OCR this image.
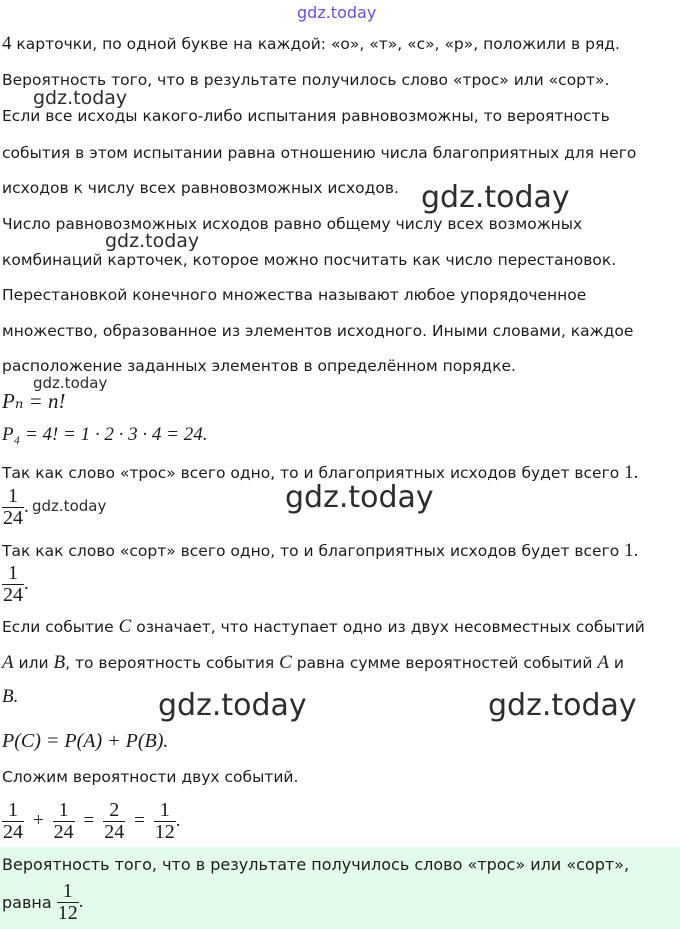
gdz.today
4 карточки, по одной букве на каждой: «о», «т», «с», «р», положили в ряд.
Вероятность того, что в результате получилось слово «трос» или «сорт».
gdz.today
Если все исходы какого-либо испытания равновозможны, то вероятность
события в этом испытании равна отношению числа благоприятных для него
исходов к числу всех равновозможных исходов. gdz.today
Число равновозможных исходов равно общему числу всех возможных
gdz.today
комбинаций карточек, которое можно посчитать как число перестановок.
Перестановкой конечного множества называют любое упорядоченное
множество, образованное из элементов исходного. Иными словами, каждое
расположение заданных элементов в определённом порядке.
gdz.today
Pₙ = n!
P₄ = 4! = 1 · 2 · 3 · 4 = 24.
Так как слово «трос» всего одно, то и благоприятных исходов будет всего 1.
$\frac{1}{24}$ . gdz.today	gdz.today
Так как слово «сорт» всего одно, то и благоприятных исходов будет всего 1.
$\frac{1}{24}$ .
Если событие C означает, что наступает одно из двух несовместных событий
A или B, то вероятность события C равна сумме вероятностей событий A и
B.	gdz.today	gdz.today
P(C) = P(A) + P(B).
Сложим вероятности двух событий.
$\frac{1}{24} + \frac{1}{24} = \frac{2}{24} = \frac{1}{12}$ .
Вероятность того, что в результате получилось слово «трос» или «сорт»,
равна $\frac{1}{12}$ .
